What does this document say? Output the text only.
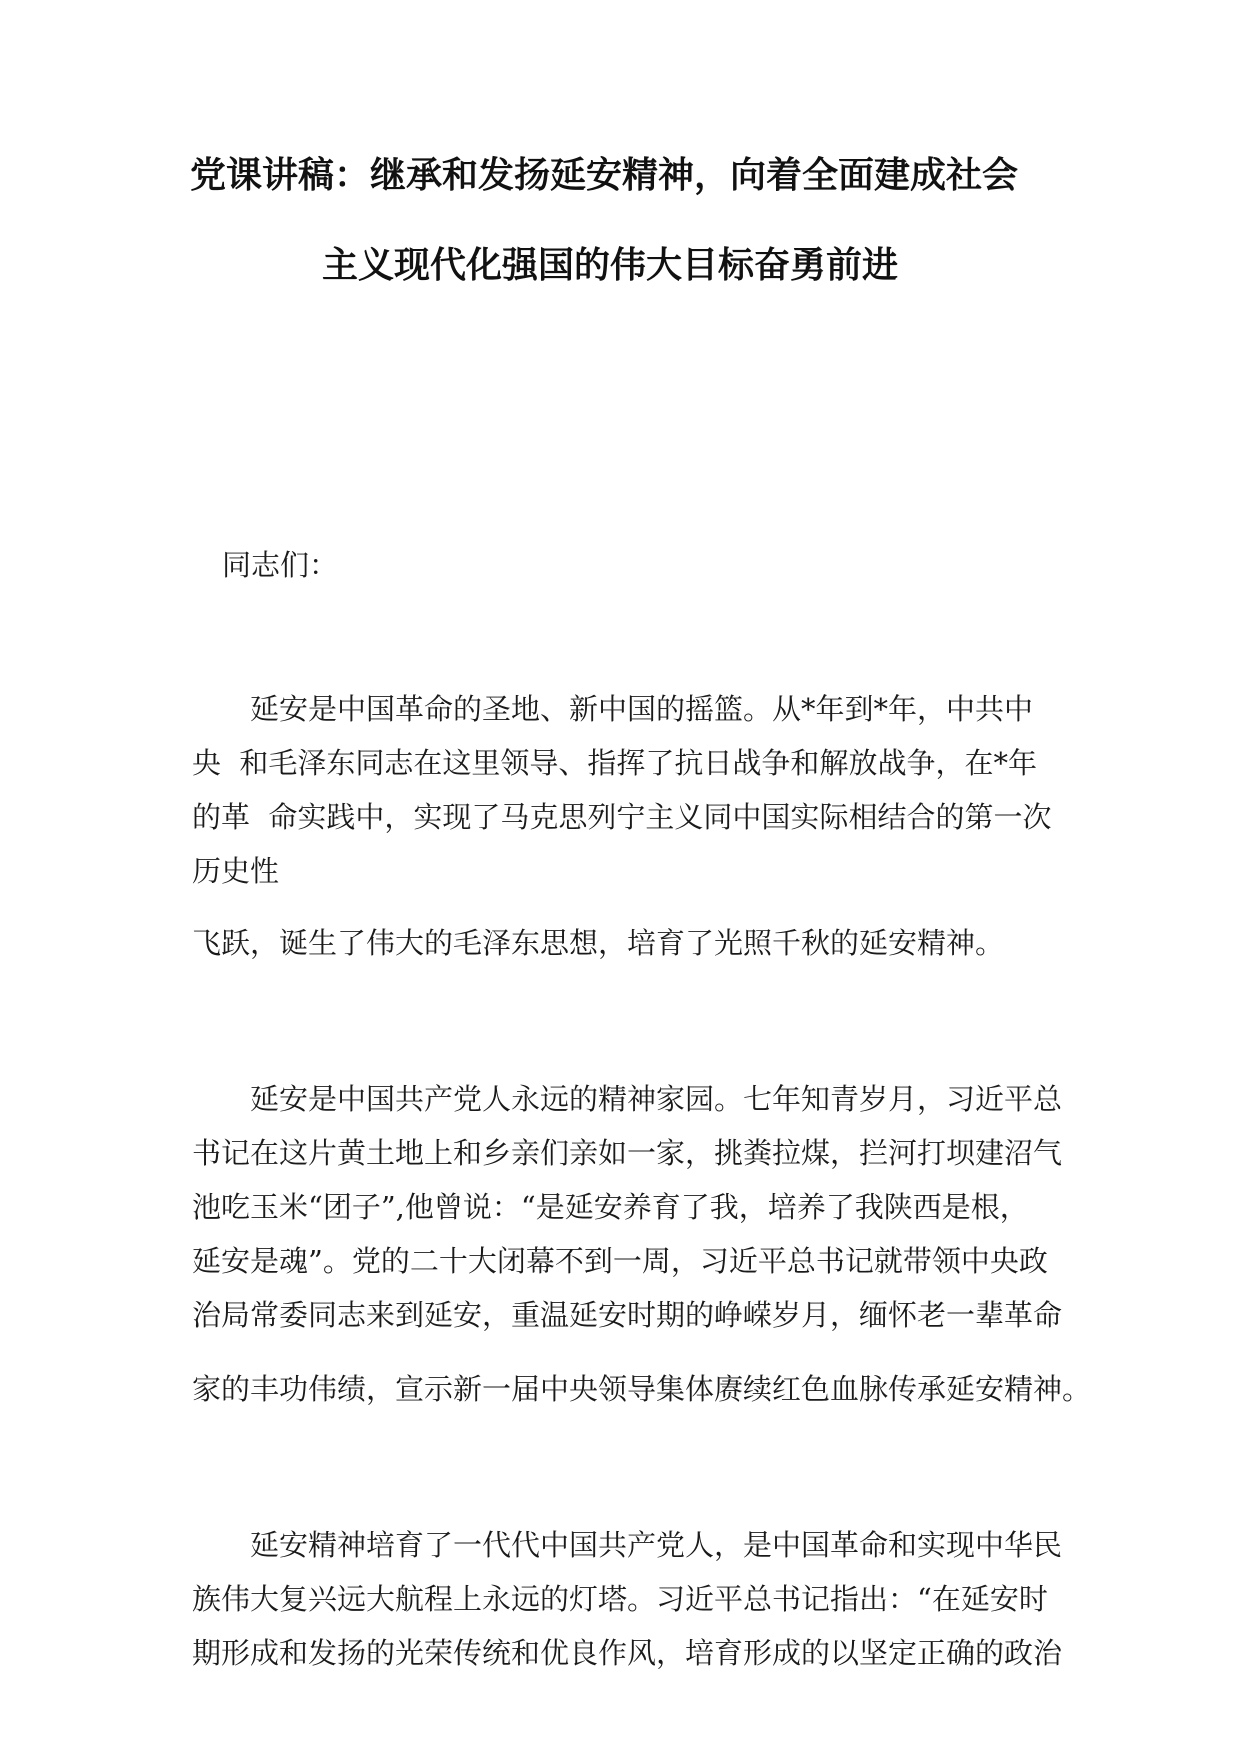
党课讲稿：继承和发扬延安精神，向着全面建成社会
主义现代化强国的伟大目标奋勇前进
同志们：
延安是中国革命的圣地、新中国的摇篮。从*年到*年，中共中
央  和毛泽东同志在这里领导、指挥了抗日战争和解放战争，在*年
的革  命实践中，实现了马克思列宁主义同中国实际相结合的第一次
历史性
飞跃，诞生了伟大的毛泽东思想，培育了光照千秋的延安精神。
延安是中国共产党人永远的精神家园。七年知青岁月，习近平总
书记在这片黄土地上和乡亲们亲如一家，挑粪拉煤，拦河打坝建沼气
池吃玉米“团子”,他曾说：“是延安养育了我，培养了我陕西是根，
延安是魂”。党的二十大闭幕不到一周，习近平总书记就带领中央政
治局常委同志来到延安，重温延安时期的峥嵘岁月，缅怀老一辈革命
家的丰功伟绩，宣示新一届中央领导集体赓续红色血脉传承延安精神。
延安精神培育了一代代中国共产党人，是中国革命和实现中华民
族伟大复兴远大航程上永远的灯塔。习近平总书记指出：“在延安时
期形成和发扬的光荣传统和优良作风，培育形成的以坚定正确的政治
